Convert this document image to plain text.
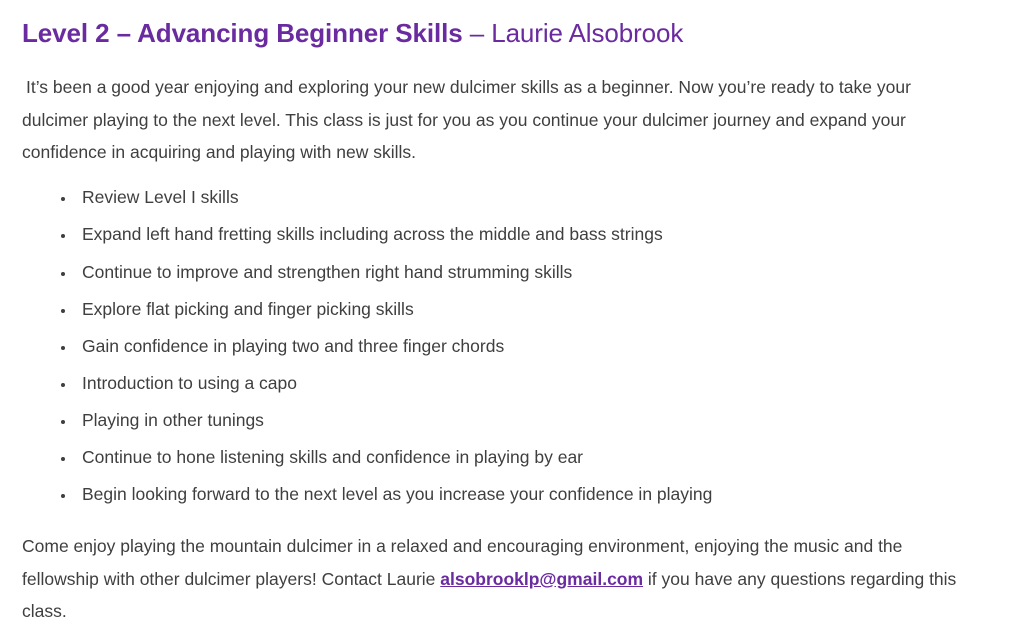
Level 2 – Advancing Beginner Skills – Laurie Alsobrook

It’s been a good year enjoying and exploring your new dulcimer skills as a beginner. Now you’re ready to take your dulcimer playing to the next level. This class is just for you as you continue your dulcimer journey and expand your confidence in acquiring and playing with new skills.

• Review Level I skills
• Expand left hand fretting skills including across the middle and bass strings
• Continue to improve and strengthen right hand strumming skills
• Explore flat picking and finger picking skills
• Gain confidence in playing two and three finger chords
• Introduction to using a capo
• Playing in other tunings
• Continue to hone listening skills and confidence in playing by ear
• Begin looking forward to the next level as you increase your confidence in playing

Come enjoy playing the mountain dulcimer in a relaxed and encouraging environment, enjoying the music and the fellowship with other dulcimer players! Contact Laurie alsobrooklp@gmail.com if you have any questions regarding this class.
